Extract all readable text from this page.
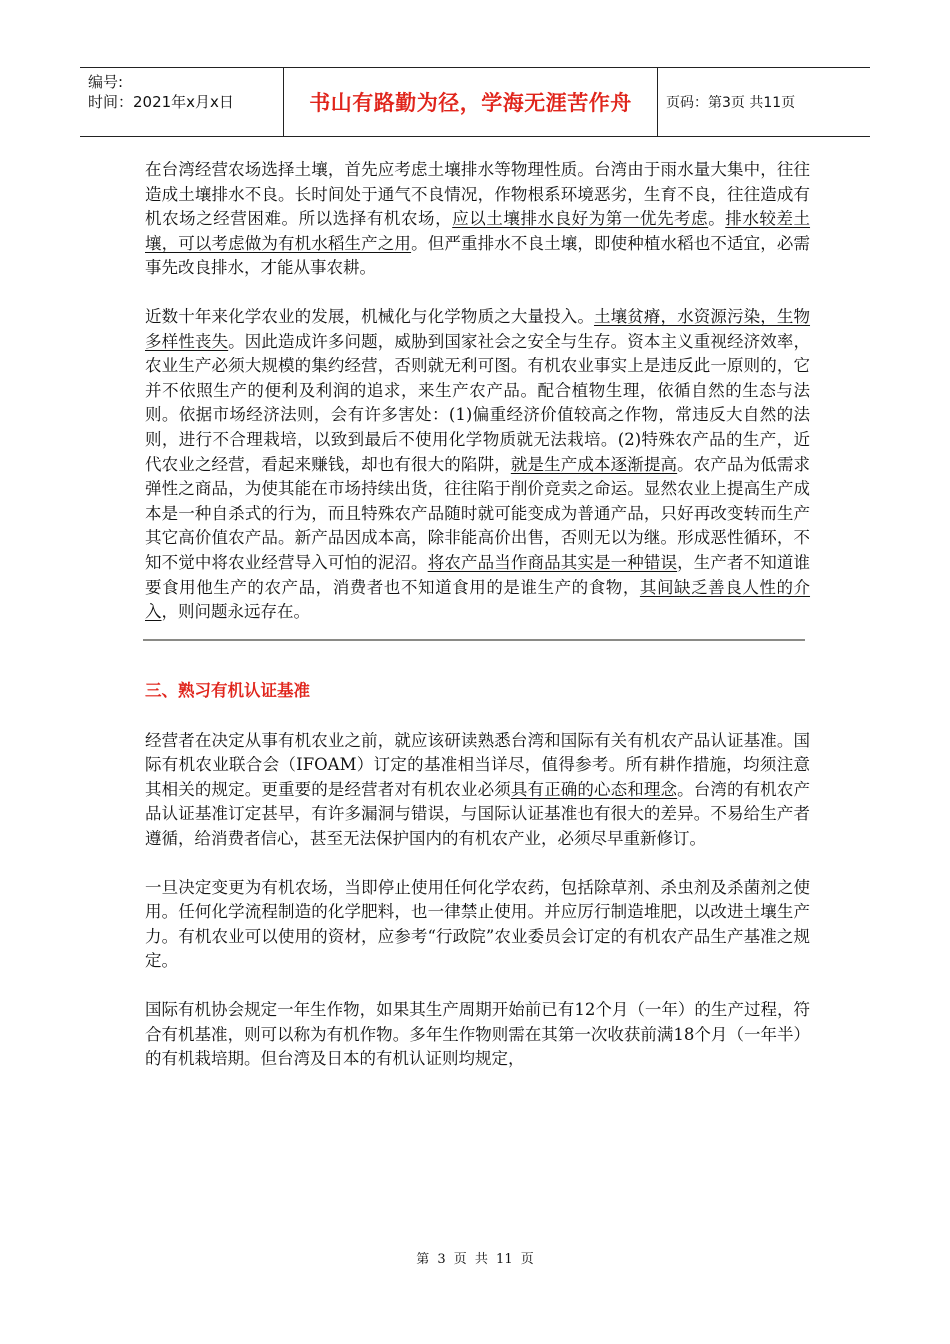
编号:
时间：2021年x月x日	书山有路勤为径，学海无涯苦作舟	页码：第3页 共11页

在台湾经营农场选择土壤，首先应考虑土壤排水等物理性质。台湾由于雨水量大集中，往往造成土壤排水不良。长时间处于通气不良情况，作物根系环境恶劣，生育不良，往往造成有机农场之经营困难。所以选择有机农场，应以土壤排水良好为第一优先考虑。排水较差土壤，可以考虑做为有机水稻生产之用。但严重排水不良土壤，即使种植水稻也不适宜，必需事先改良排水，才能从事农耕。

近数十年来化学农业的发展，机械化与化学物质之大量投入。土壤贫瘠，水资源污染，生物多样性丧失。因此造成许多问题，威胁到国家社会之安全与生存。资本主义重视经济效率，农业生产必须大规模的集约经营，否则就无利可图。有机农业事实上是违反此一原则的，它并不依照生产的便利及利润的追求，来生产农产品。配合植物生理，依循自然的生态与法则。依据市场经济法则，会有许多害处：(1)偏重经济价值较高之作物，常违反大自然的法则，进行不合理栽培，以致到最后不使用化学物质就无法栽培。(2)特殊农产品的生产，近代农业之经营，看起来赚钱，却也有很大的陷阱，就是生产成本逐渐提高。农产品为低需求弹性之商品，为使其能在市场持续出货，往往陷于削价竞卖之命运。显然农业上提高生产成本是一种自杀式的行为，而且特殊农产品随时就可能变成为普通产品，只好再改变转而生产其它高价值农产品。新产品因成本高，除非能高价出售，否则无以为继。形成恶性循环，不知不觉中将农业经营导入可怕的泥沼。将农产品当作商品其实是一种错误，生产者不知道谁要食用他生产的农产品，消费者也不知道食用的是谁生产的食物，其间缺乏善良人性的介入，则问题永远存在。

三、熟习有机认证基准

经营者在决定从事有机农业之前，就应该研读熟悉台湾和国际有关有机农产品认证基准。国际有机农业联合会（IFOAM）订定的基准相当详尽，值得参考。所有耕作措施，均须注意其相关的规定。更重要的是经营者对有机农业必须具有正确的心态和理念。台湾的有机农产品认证基准订定甚早，有许多漏洞与错误，与国际认证基准也有很大的差异。不易给生产者遵循，给消费者信心，甚至无法保护国内的有机农产业，必须尽早重新修订。

一旦决定变更为有机农场，当即停止使用任何化学农药，包括除草剂、杀虫剂及杀菌剂之使用。任何化学流程制造的化学肥料，也一律禁止使用。并应厉行制造堆肥，以改进土壤生产力。有机农业可以使用的资材，应参考“行政院”农业委员会订定的有机农产品生产基准之规定。

国际有机协会规定一年生作物，如果其生产周期开始前已有12个月（一年）的生产过程，符合有机基准，则可以称为有机作物。多年生作物则需在其第一次收获前满18个月（一年半）的有机栽培期。但台湾及日本的有机认证则均规定，

第 3 页 共 11 页
